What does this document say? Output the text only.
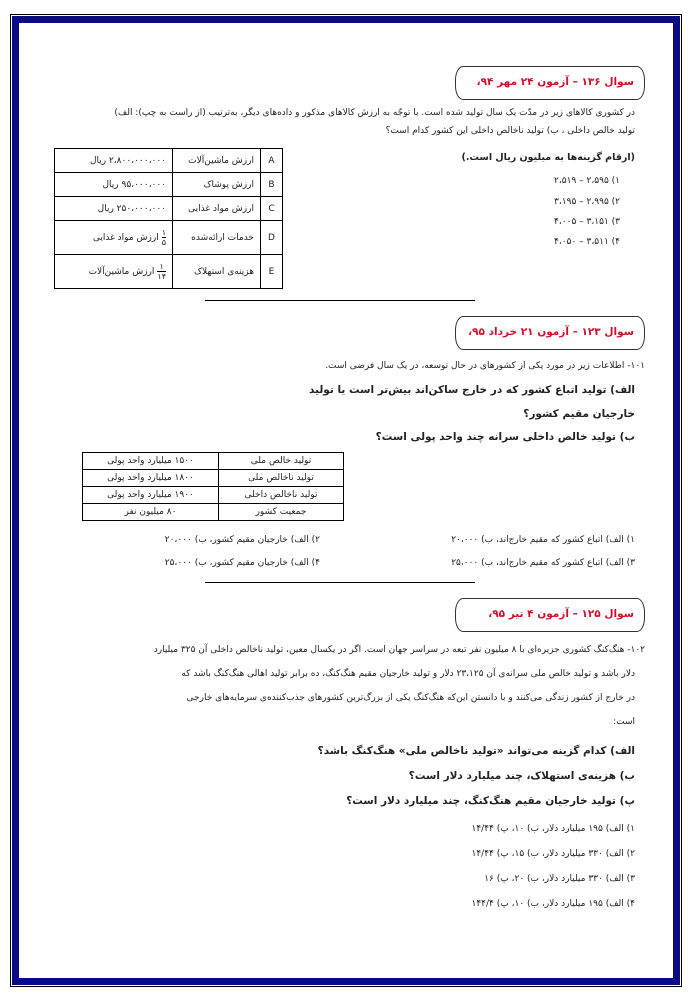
سوال ۱۳۶ – آزمون ۲۴ مهر ۹۴،
در کشوری کالاهای زیر در مدّت یک سال تولید شده است. با توجّه به ارزش کالاهای مذکور و داده‌های دیگر، به‌ترتیب (از راست به چپ): الف)
تولید خالص داخلی ، ب) تولید ناخالص داخلی این کشور کدام است؟
(ارقام گزینه‌ها به میلیون ریال است.)
۱) ۲،۵۹۵ – ۲،۵۱۹
۲) ۲،۹۹۵ – ۳،۱۹۵
۳) ۳،۱۵۱ – ۴،۰۰۵
۴) ۳،۵۱۱ – ۴،۰۵۰
A	ارزش ماشین‌آلات	۲،۸۰۰،۰۰۰،۰۰۰ ریال
B	ارزش پوشاک	۹۵،۰۰۰،۰۰۰ ریال
C	ارزش مواد غذایی	۲۵۰،۰۰۰،۰۰۰ ریال
D	خدمات ارائه‌شده	$\frac{۱}{۵}$
ارزش مواد غذایی
E	هزینه‌ی استهلاک	$\frac{۱}{۱۴}$
ارزش ماشین‌آلات
سوال ۱۲۳ – آزمون ۲۱ خرداد ۹۵،
۱۰۱- اطلاعات زیر در مورد یکی از کشورهای در حال توسعه، در یک سال فرضی است.
الف) تولید اتباع کشور که در خارج ساکن‌اند بیش‌تر است یا تولید
خارجیان مقیم کشور؟
ب) تولید خالص داخلی سرانه چند واحد پولی است؟
تولید خالص ملی	۱۵۰۰ میلیارد واحد پولی
تولید ناخالص ملی	۱۸۰۰ میلیارد واحد پولی
تولید ناخالص داخلی	۱۹۰۰ میلیارد واحد پولی
جمعیت کشور	۸۰ میلیون نفر
۱) الف) اتباع کشور که مقیم خارج‌اند، ب) ۲۰،۰۰۰
۲) الف) خارجیان مقیم کشور، ب) ۲۰،۰۰۰
۳) الف) اتباع کشور که مقیم خارج‌اند، ب) ۲۵،۰۰۰
۴) الف) خارجیان مقیم کشور، ب) ۲۵،۰۰۰
سوال ۱۲۵ – آزمون ۴ تیر ۹۵،
۱۰۲- هنگ‌کنگ کشوری جزیره‌ای با ۸ میلیون نفر تبعه در سراسر جهان است. اگر در یکسال معین، تولید ناخالص داخلی آن ۳۲۵ میلیارد
دلار باشد و تولید خالص ملی سرانه‌ی آن ۲۳،۱۲۵ دلار و تولید خارجیان مقیم هنگ‌کنگ، ده برابر تولید اهالی هنگ‌کنگ باشد که
در خارج از کشور زندگی می‌کنند و با دانستن این‌که هنگ‌کنگ یکی از بزرگ‌ترین کشورهای جذب‌کننده‌ی سرمایه‌های خارجی
است:
الف) کدام گزینه می‌تواند «تولید ناخالص ملی» هنگ‌کنگ باشد؟
ب) هزینه‌ی استهلاک، چند میلیارد دلار است؟
پ) تولید خارجیان مقیم هنگ‌کنگ، چند میلیارد دلار است؟
۱) الف) ۱۹۵ میلیارد دلار، ب) ۱۰، پ) ۱۴/۴۴
۲) الف) ۳۳۰ میلیارد دلار، ب) ۱۵، پ) ۱۴/۴۴
۳) الف) ۳۳۰ میلیارد دلار، ب) ۲۰، پ) ۱۶
۴) الف) ۱۹۵ میلیارد دلار، ب) ۱۰، پ) ۱۴۴/۴
